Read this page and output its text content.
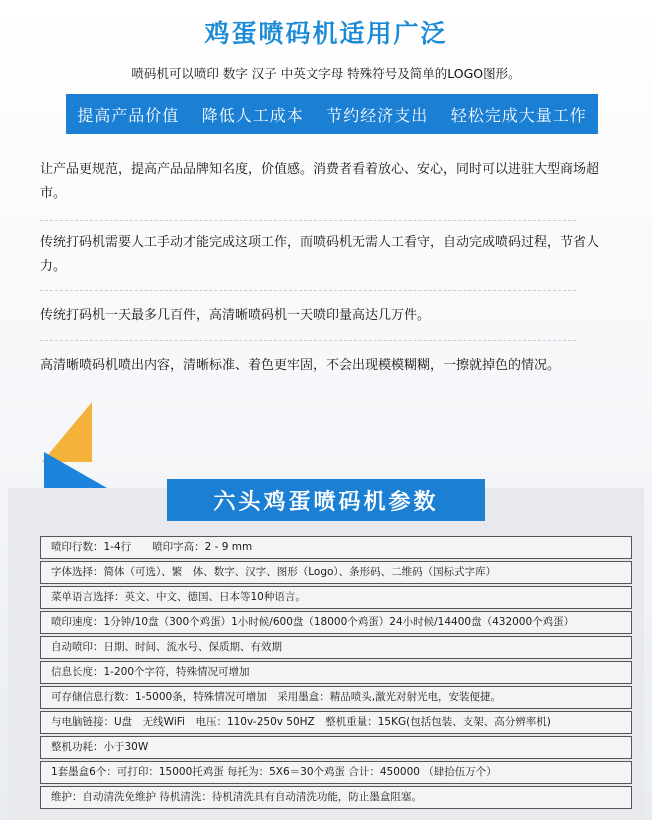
鸡蛋喷码机适用广泛
喷码机可以喷印 数字 汉子 中英文字母 特殊符号及简单的LOGO图形。
提高产品价值 降低人工成本 节约经济支出 轻松完成大量工作
让产品更规范，提高产品品牌知名度，价值感。消费者看着放心、安心，同时可以进驻大型商场超市。
传统打码机需要人工手动才能完成这项工作，而喷码机无需人工看守，自动完成喷码过程，节省人力。
传统打码机一天最多几百件，高清晰喷码机一天喷印量高达几万件。
高清晰喷码机喷出内容，清晰标准、着色更牢固，不会出现模模糊糊，一擦就掉色的情况。
六头鸡蛋喷码机参数
喷印行数：1-4行　　喷印字高：2 - 9 mm
字体选择：简体（可选）、繁　体、数字、汉字、图形（Logo）、条形码、二维码（国标式字库）
菜单语言选择：英文、中文、德国、日本等10种语言。
喷印速度：1分钟/10盘（300个鸡蛋）1小时候/600盘（18000个鸡蛋）24小时候/14400盘（432000个鸡蛋）
自动喷印：日期、时间、流水号、保质期、有效期
信息长度：1-200个字符，特殊情况可增加
可存储信息行数：1-5000条，特殊情况可增加　采用墨盒：精品喷头,激光对射光电，安装便捷。
与电脑链接：U盘　无线WiFi　电压：110v-250v 50HZ　整机重量：15KG(包括包装、支架、高分辨率机)
整机功耗：小于30W
1套墨盒6个：可打印：15000托鸡蛋 每托为：5X6＝30个鸡蛋 合计：450000 （肆拾伍万个）
维护：自动清洗免维护 待机清洗：待机清洗具有自动清洗功能，防止墨盒阻塞。
